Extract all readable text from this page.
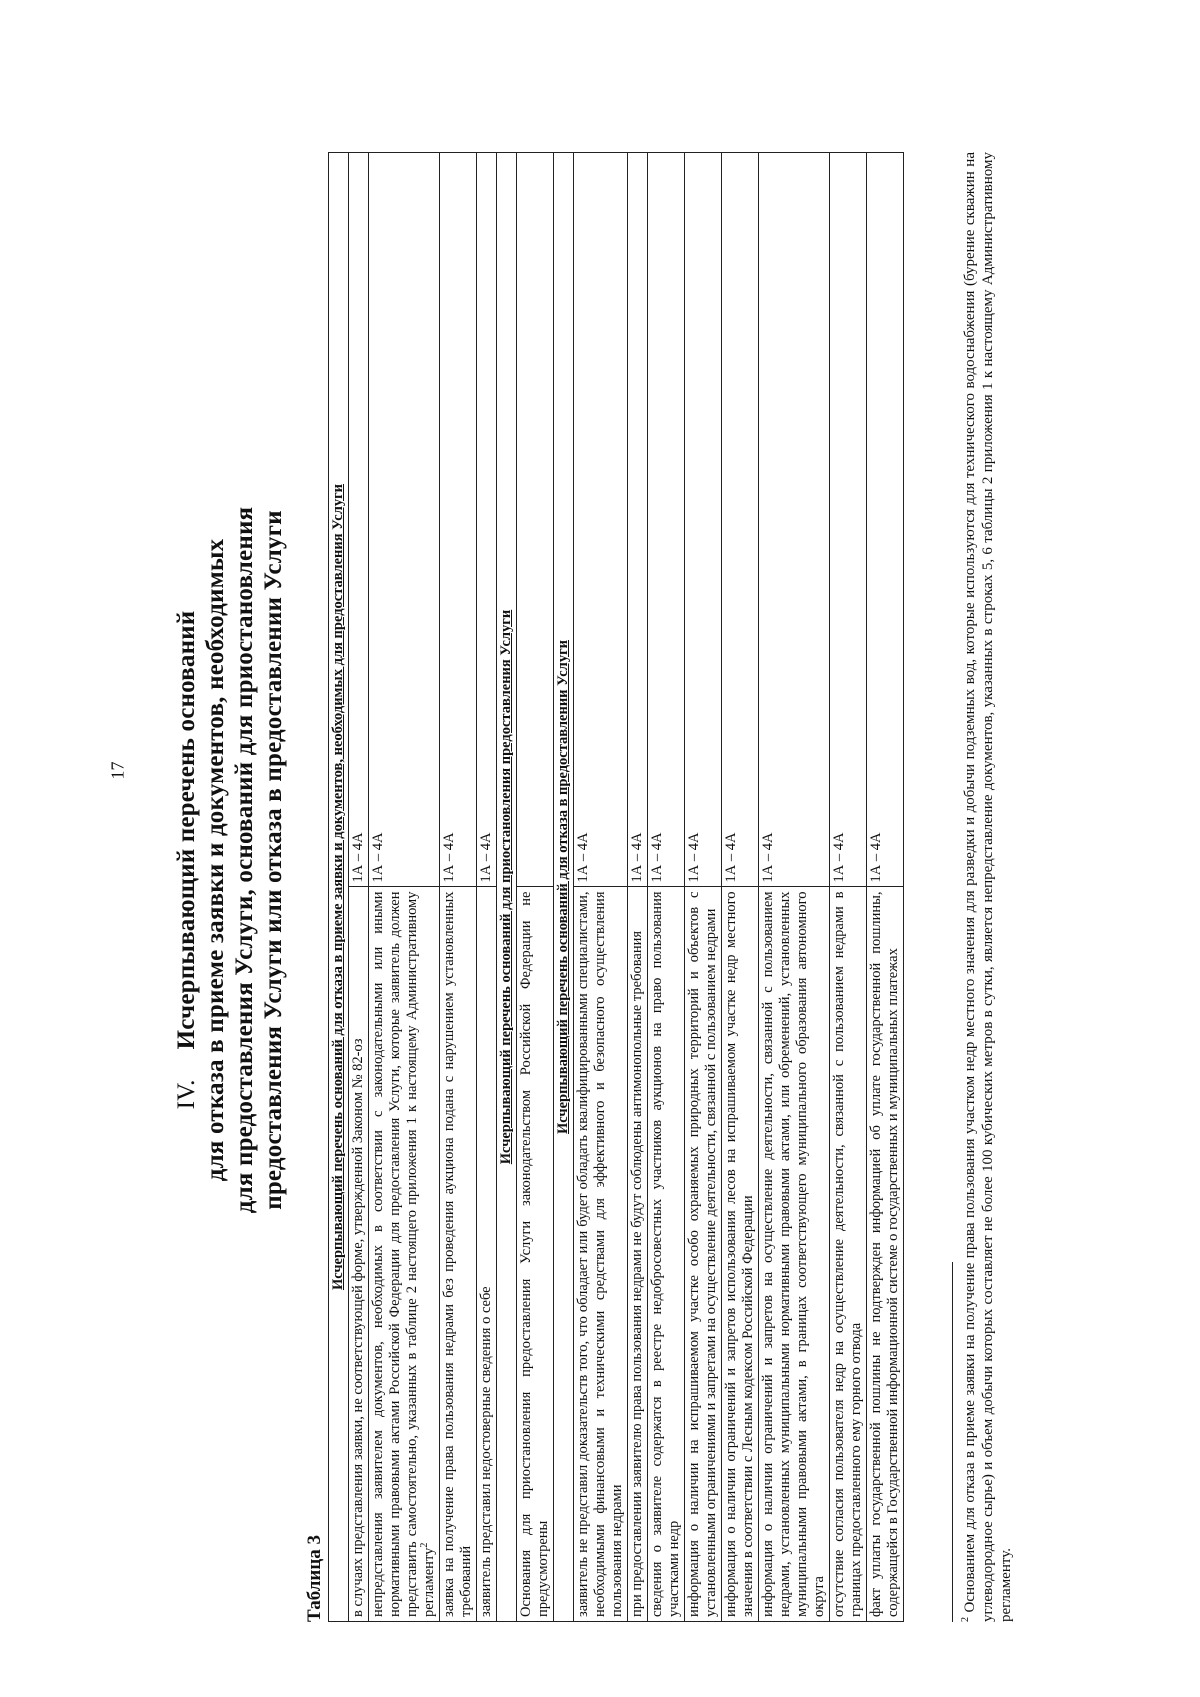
17
IV.Исчерпывающий перечень оснований для отказа в приеме заявки и документов, необходимых для предоставления Услуги, оснований для приостановления предоставления Услуги или отказа в предоставлении Услуги
Таблица 3
Исчерпывающий перечень оснований для отказа в приеме заявки и документов, необходимых для предоставления Услуги	
в случаях представления заявки, не соответствующей форме, утвержденной Законом № 82-оз	1А – 4А
непредставления заявителем документов, необходимых в соответствии с законодательными или иными нормативными правовыми актами Российской Федерации для предоставления Услуги, которые заявитель должен представить самостоятельно, указанных в таблице 2 настоящего приложения 1 к настоящему Административному регламенту$^2$	1А – 4А
заявка на получение права пользования недрами без проведения аукциона подана с нарушением установленных требований	1А – 4А
заявитель представил недостоверные сведения о себе	1А – 4А
Исчерпывающий перечень оснований для приостановления предоставления Услуги	
Основания для приостановления предоставления Услуги законодательством Российской Федерации не предусмотрены	
Исчерпывающий перечень оснований для отказа в предоставлении Услуги	
заявитель не представил доказательств того, что обладает или будет обладать квалифицированными специалистами, необходимыми финансовыми и техническими средствами для эффективного и безопасного осуществления пользования недрами	1А – 4А
при предоставлении заявителю права пользования недрами не будут соблюдены антимонопольные требования	1А – 4А
сведения о заявителе содержатся в реестре недобросовестных участников аукционов на право пользования участками недр	1А – 4А
информация о наличии на испрашиваемом участке особо охраняемых природных территорий и объектов с установленными ограничениями и запретами на осуществление деятельности, связанной с пользованием недрами	1А – 4А
информация о наличии ограничений и запретов использования лесов на испрашиваемом участке недр местного значения в соответствии с Лесным кодексом Российской Федерации	1А – 4А
информация о наличии ограничений и запретов на осуществление деятельности, связанной с пользованием недрами, установленных муниципальными нормативными правовыми актами, или обременений, установленных муниципальными правовыми актами, в границах соответствующего муниципального образования автономного округа	1А – 4А
отсутствие согласия пользователя недр на осуществление деятельности, связанной с пользованием недрами в границах предоставленного ему горного отвода	1А – 4А
факт уплаты государственной пошлины не подтвержден информацией об уплате государственной пошлины, содержащейся в Государственной информационной системе о государственных и муниципальных платежах	1А – 4А
$^2$ Основанием для отказа в приеме заявки на получение права пользования участком недр местного значения для разведки и добычи подземных вод, которые используются для технического водоснабжения (бурение скважин на углеводородное сырье) и объем добычи которых составляет не более 100 кубических метров в сутки, является непредставление документов, указанных в строках 5, 6 таблицы 2 приложения 1 к настоящему Административному регламенту.
